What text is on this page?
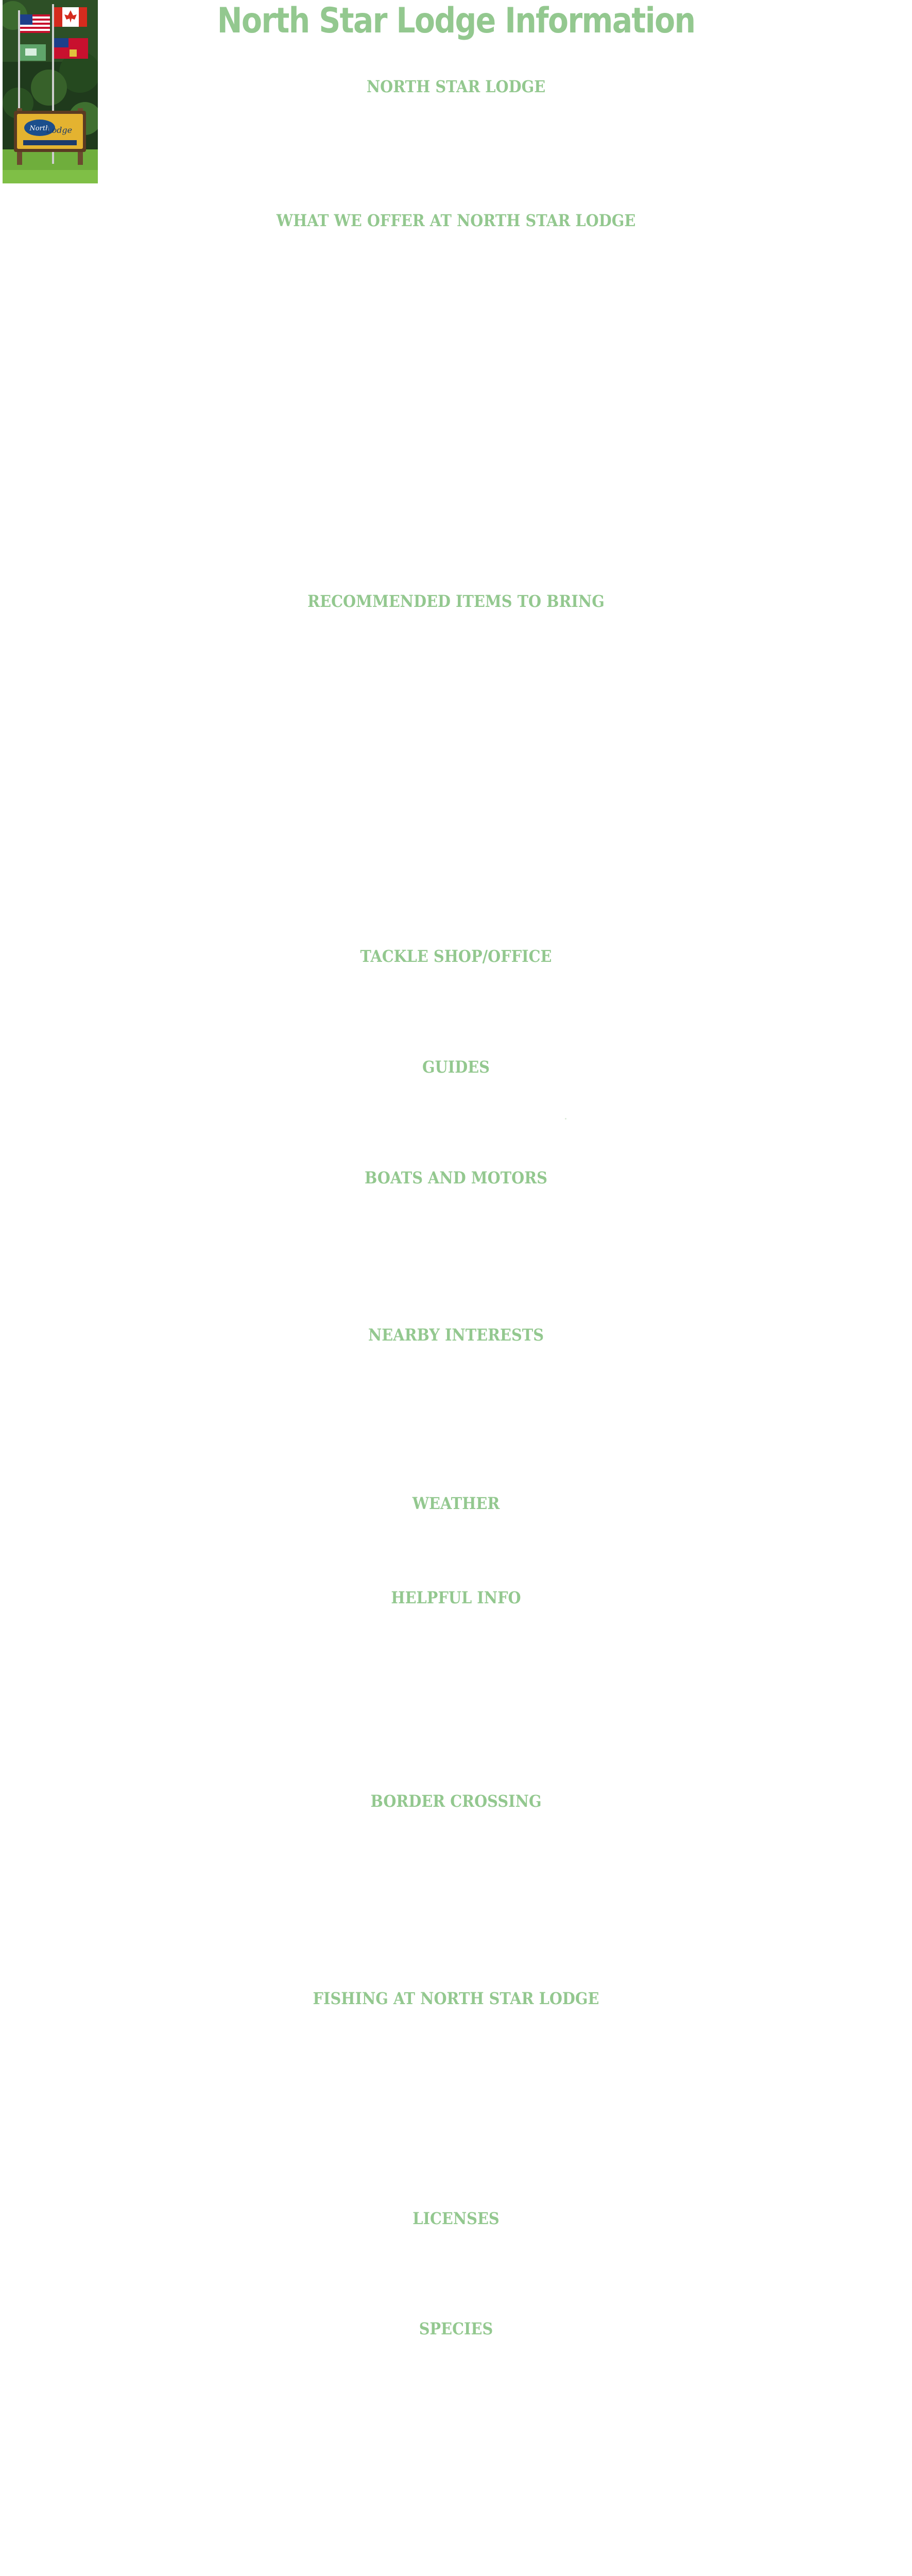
North Star Lodge Information
North
Lodge
NORTH STAR LODGE
WHAT WE OFFER AT NORTH STAR LODGE
RECOMMENDED ITEMS TO BRING
TACKLE SHOP/OFFICE
GUIDES
BOATS AND MOTORS
NEARBY INTERESTS
WEATHER
HELPFUL INFO
BORDER CROSSING
FISHING AT NORTH STAR LODGE
LICENSES
SPECIES
